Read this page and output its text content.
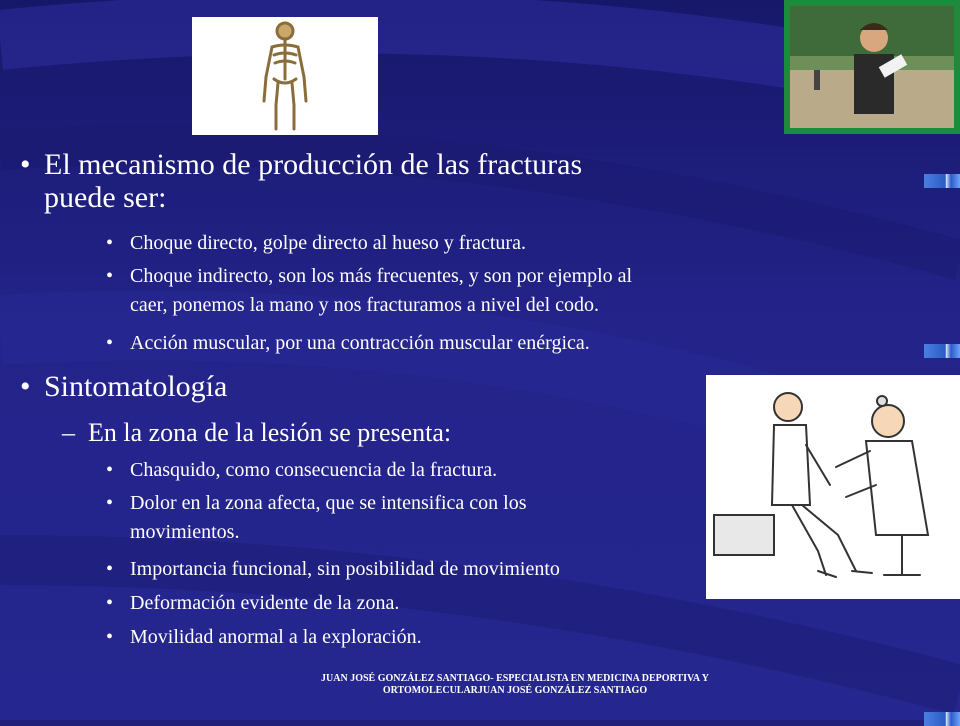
• El mecanismo de producción de las fracturas
puede ser:
• Choque directo, golpe directo al hueso y fractura.
• Choque indirecto, son los más frecuentes, y son por ejemplo al
caer, ponemos la mano y nos fracturamos a nivel del codo.
• Acción muscular, por una contracción muscular enérgica.
• Sintomatología
– En la zona de la lesión se presenta:
• Chasquido, como consecuencia de la fractura.
• Dolor en la zona afecta, que se intensifica con los
movimientos.
• Importancia funcional, sin posibilidad de movimiento
• Deformación evidente de la zona.
• Movilidad anormal a la exploración.
JUAN JOSÉ GONZÁLEZ SANTIAGO- ESPECIALISTA EN MEDICINA DEPORTIVA Y
ORTOMOLECULARJUAN JOSÉ GONZÁLEZ SANTIAGO
